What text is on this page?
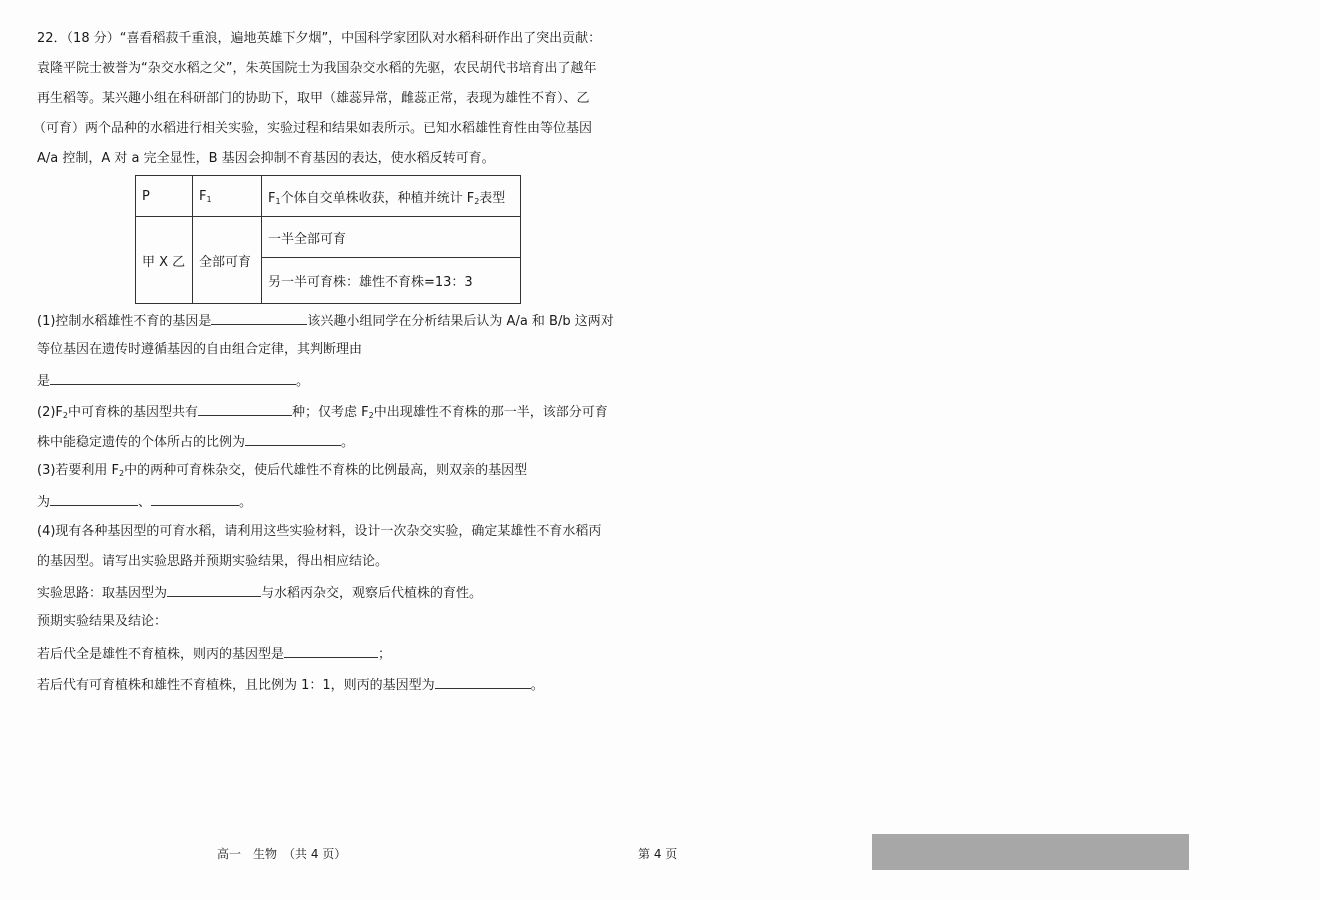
22．（18 分）“喜看稻菽千重浪，遍地英雄下夕烟”，中国科学家团队对水稻科研作出了突出贡献：
袁隆平院士被誉为“杂交水稻之父”，朱英国院士为我国杂交水稻的先驱，农民胡代书培育出了越年
再生稻等。某兴趣小组在科研部门的协助下，取甲（雄蕊异常，雌蕊正常，表现为雄性不育）、乙
（可育）两个品种的水稻进行相关实验，实验过程和结果如表所示。已知水稻雄性育性由等位基因
A/a 控制，A 对 a 完全显性，B 基因会抑制不育基因的表达，使水稻反转可育。
P	$F_1$	$F_1$个体自交单株收获，种植并统计 $F_2$表型
甲 X 乙	全部可育	一半全部可育
		另一半可育株：雄性不育株=13：3
(1)控制水稻雄性不育的基因是	该兴趣小组同学在分析结果后认为 A/a 和 B/b 这两对
等位基因在遗传时遵循基因的自由组合定律，其判断理由
是	。
$(2)F_2$中可育株的基因型共有	种；仅考虑 $F_2$中出现雄性不育株的那一半，该部分可育
株中能稳定遗传的个体所占的比例为	。
(3)若要利用 $F_2$中的两种可育株杂交，使后代雄性不育株的比例最高，则双亲的基因型
为	、	。
(4)现有各种基因型的可育水稻，请利用这些实验材料，设计一次杂交实验，确定某雄性不育水稻丙
的基因型。请写出实验思路并预期实验结果，得出相应结论。
实验思路：取基因型为	与水稻丙杂交，观察后代植株的育性。
预期实验结果及结论：
若后代全是雄性不育植株，则丙的基因型是	；
若后代有可育植株和雄性不育植株，且比例为 1：1，则丙的基因型为	。
高一　生物　（共 4 页）	第 4 页
